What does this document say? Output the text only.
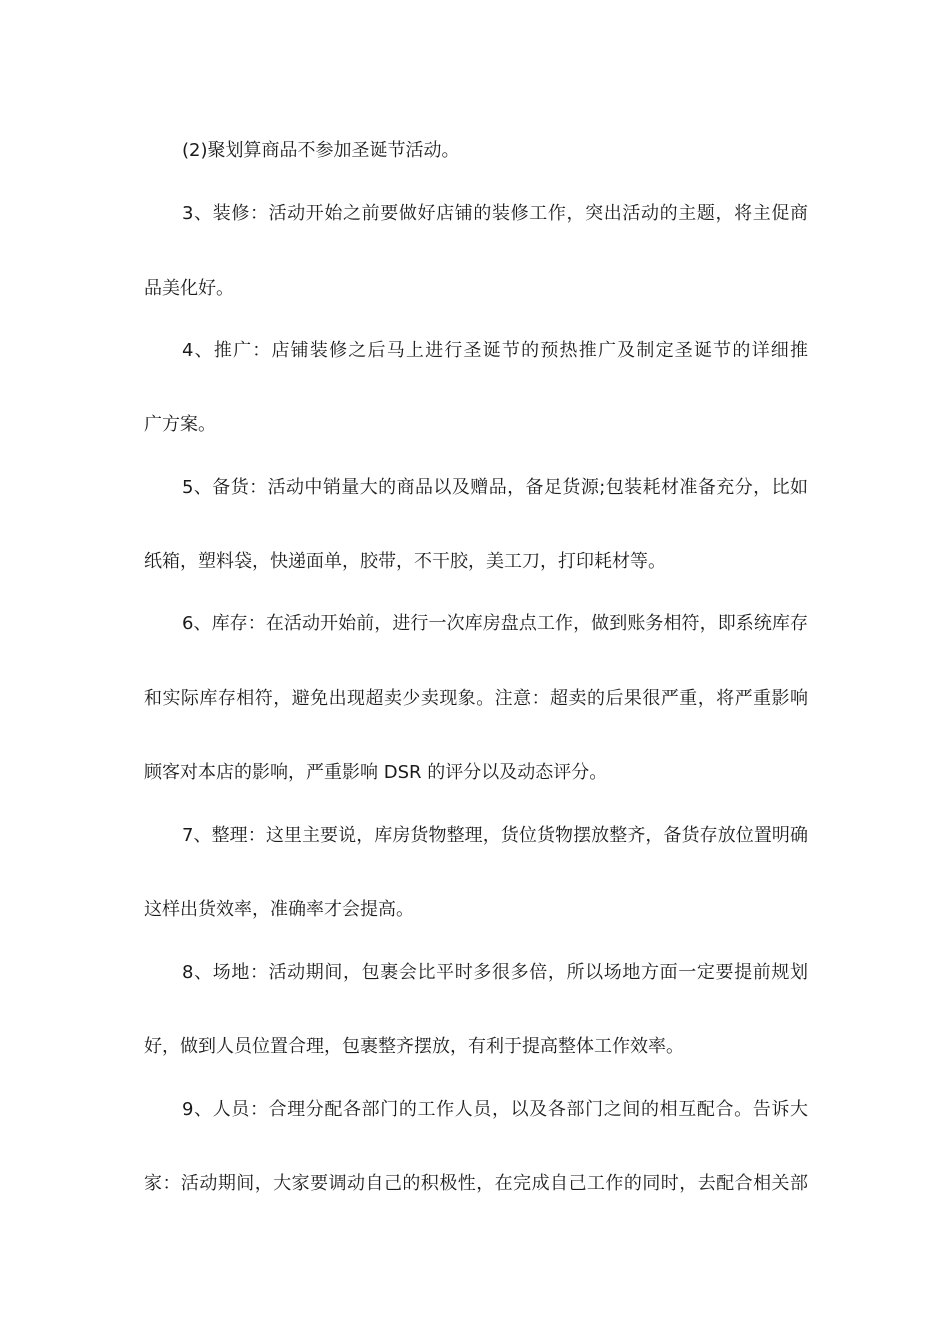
(2)聚划算商品不参加圣诞节活动。
3、装修：活动开始之前要做好店铺的装修工作，突出活动的主题，将主促商
品美化好。
4、推广：店铺装修之后马上进行圣诞节的预热推广及制定圣诞节的详细推
广方案。
5、备货：活动中销量大的商品以及赠品，备足货源;包装耗材准备充分，比如
纸箱，塑料袋，快递面单，胶带，不干胶，美工刀，打印耗材等。
6、库存：在活动开始前，进行一次库房盘点工作，做到账务相符，即系统库存
和实际库存相符，避免出现超卖少卖现象。注意：超卖的后果很严重，将严重影响
顾客对本店的影响，严重影响 DSR 的评分以及动态评分。
7、整理：这里主要说，库房货物整理，货位货物摆放整齐，备货存放位置明确
这样出货效率，准确率才会提高。
8、场地：活动期间，包裹会比平时多很多倍，所以场地方面一定要提前规划
好，做到人员位置合理，包裹整齐摆放，有利于提高整体工作效率。
9、人员：合理分配各部门的工作人员，以及各部门之间的相互配合。告诉大
家：活动期间，大家要调动自己的积极性，在完成自己工作的同时，去配合相关部
